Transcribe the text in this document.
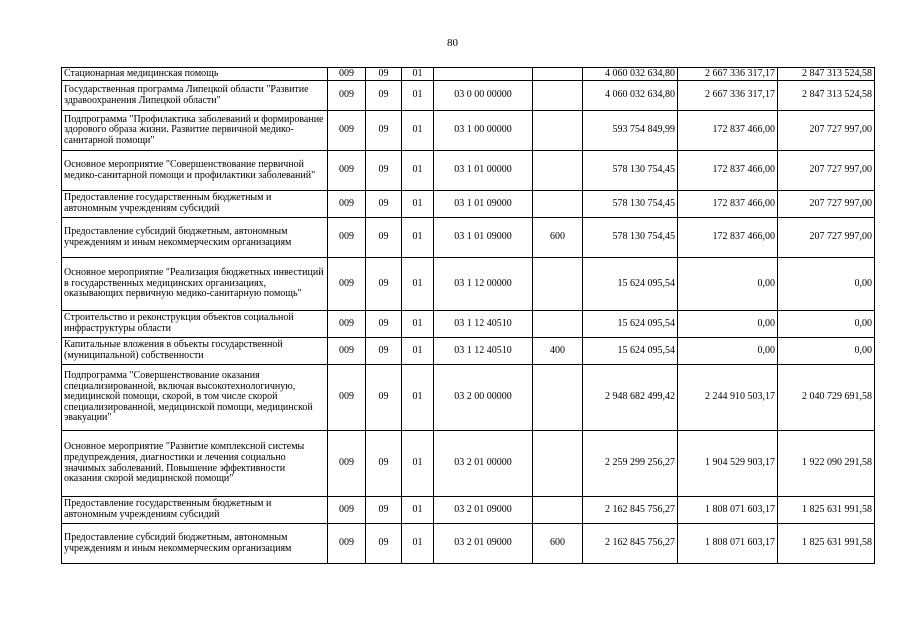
80
Стационарная медицинская помощь	009	09	01			4 060 032 634,80	2 667 336 317,17	2 847 313 524,58
Государственная программа Липецкой области "Развитие здравоохранения Липецкой области"	009	09	01	03 0 00 00000		4 060 032 634,80	2 667 336 317,17	2 847 313 524,58
Подпрограмма "Профилактика заболеваний и формирование здорового образа жизни. Развитие первичной медико-санитарной помощи"	009	09	01	03 1 00 00000		593 754 849,99	172 837 466,00	207 727 997,00
Основное мероприятие "Совершенствование первичной медико-санитарной помощи и профилактики заболеваний"	009	09	01	03 1 01 00000		578 130 754,45	172 837 466,00	207 727 997,00
Предоставление государственным бюджетным и автономным учреждениям субсидий	009	09	01	03 1 01 09000		578 130 754,45	172 837 466,00	207 727 997,00
Предоставление субсидий бюджетным, автономным учреждениям и иным некоммерческим организациям	009	09	01	03 1 01 09000	600	578 130 754,45	172 837 466,00	207 727 997,00
Основное мероприятие "Реализация бюджетных инвестиций в государственных медицинских организациях, оказывающих первичную медико-санитарную помощь"	009	09	01	03 1 12 00000		15 624 095,54	0,00	0,00
Строительство и реконструкция объектов социальной инфраструктуры области	009	09	01	03 1 12 40510		15 624 095,54	0,00	0,00
Капитальные вложения в объекты государственной (муниципальной) собственности	009	09	01	03 1 12 40510	400	15 624 095,54	0,00	0,00
Подпрограмма "Совершенствование оказания специализированной, включая высокотехнологичную, медицинской помощи, скорой, в том числе скорой специализированной, медицинской помощи, медицинской эвакуации"	009	09	01	03 2 00 00000		2 948 682 499,42	2 244 910 503,17	2 040 729 691,58
Основное мероприятие "Развитие комплексной системы предупреждения, диагностики и лечения социально значимых заболеваний. Повышение эффективности оказания скорой медицинской помощи"	009	09	01	03 2 01 00000		2 259 299 256,27	1 904 529 903,17	1 922 090 291,58
Предоставление государственным бюджетным и автономным учреждениям субсидий	009	09	01	03 2 01 09000		2 162 845 756,27	1 808 071 603,17	1 825 631 991,58
Предоставление субсидий бюджетным, автономным учреждениям и иным некоммерческим организациям	009	09	01	03 2 01 09000	600	2 162 845 756,27	1 808 071 603,17	1 825 631 991,58
